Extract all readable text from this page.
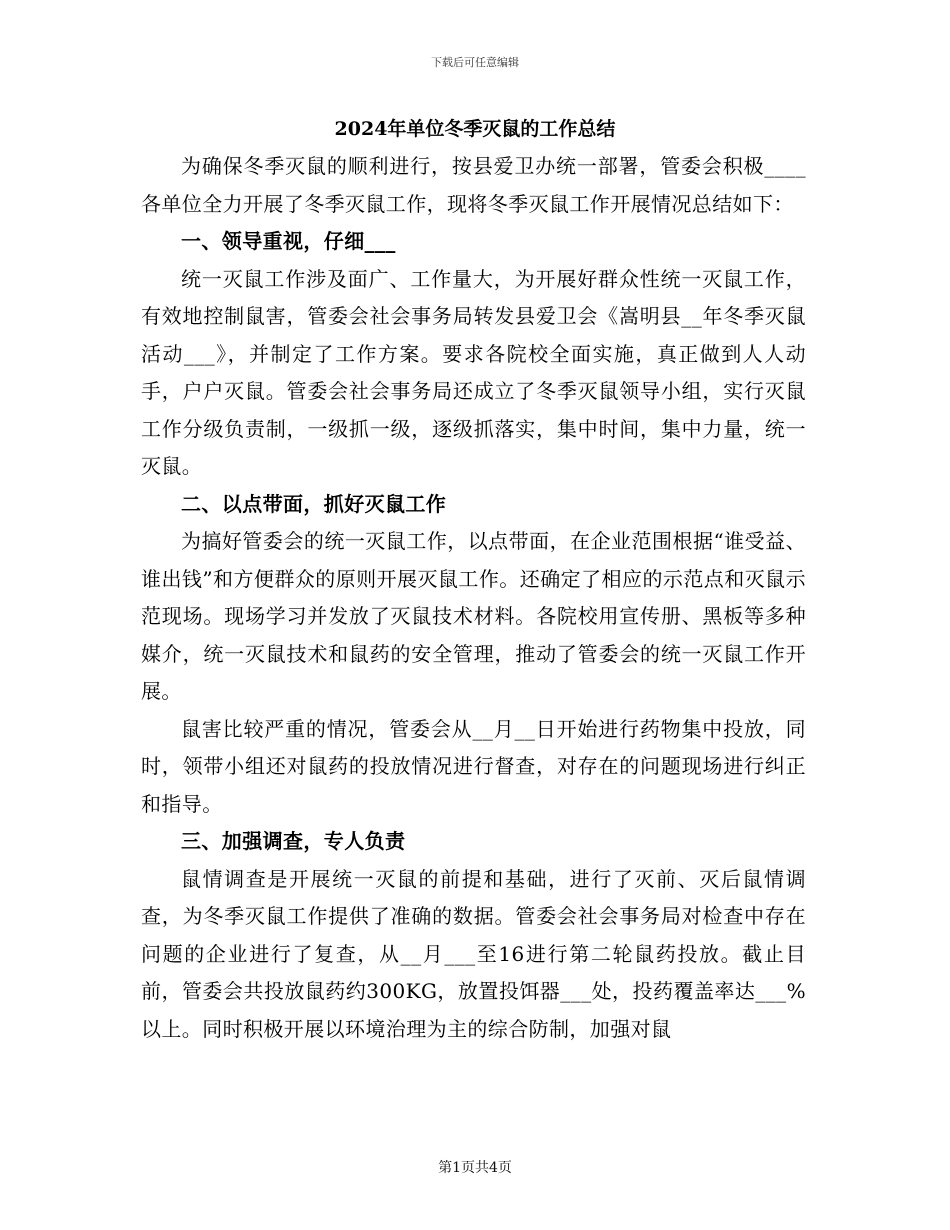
下载后可任意编辑
2024年单位冬季灭鼠的工作总结

为确保冬季灭鼠的顺利进行，按县爱卫办统一部署，管委会积极____各单位全力开展了冬季灭鼠工作，现将冬季灭鼠工作开展情况总结如下：

一、领导重视，仔细___

统一灭鼠工作涉及面广、工作量大，为开展好群众性统一灭鼠工作，有效地控制鼠害，管委会社会事务局转发县爱卫会《嵩明县__年冬季灭鼠活动___》，并制定了工作方案。要求各院校全面实施，真正做到人人动手，户户灭鼠。管委会社会事务局还成立了冬季灭鼠领导小组，实行灭鼠工作分级负责制，一级抓一级，逐级抓落实，集中时间，集中力量，统一灭鼠。

二、以点带面，抓好灭鼠工作

为搞好管委会的统一灭鼠工作，以点带面，在企业范围根据“谁受益、谁出钱”和方便群众的原则开展灭鼠工作。还确定了相应的示范点和灭鼠示范现场。现场学习并发放了灭鼠技术材料。各院校用宣传册、黑板等多种媒介，统一灭鼠技术和鼠药的安全管理，推动了管委会的统一灭鼠工作开展。

鼠害比较严重的情况，管委会从__月__日开始进行药物集中投放，同时，领带小组还对鼠药的投放情况进行督查，对存在的问题现场进行纠正和指导。

三、加强调查，专人负责

鼠情调查是开展统一灭鼠的前提和基础，进行了灭前、灭后鼠情调查，为冬季灭鼠工作提供了准确的数据。管委会社会事务局对检查中存在问题的企业进行了复查，从__月___至16进行第二轮鼠药投放。截止目前，管委会共投放鼠药约300KG，放置投饵器___处，投药覆盖率达___%以上。同时积极开展以环境治理为主的综合防制，加强对鼠

第1页共4页
